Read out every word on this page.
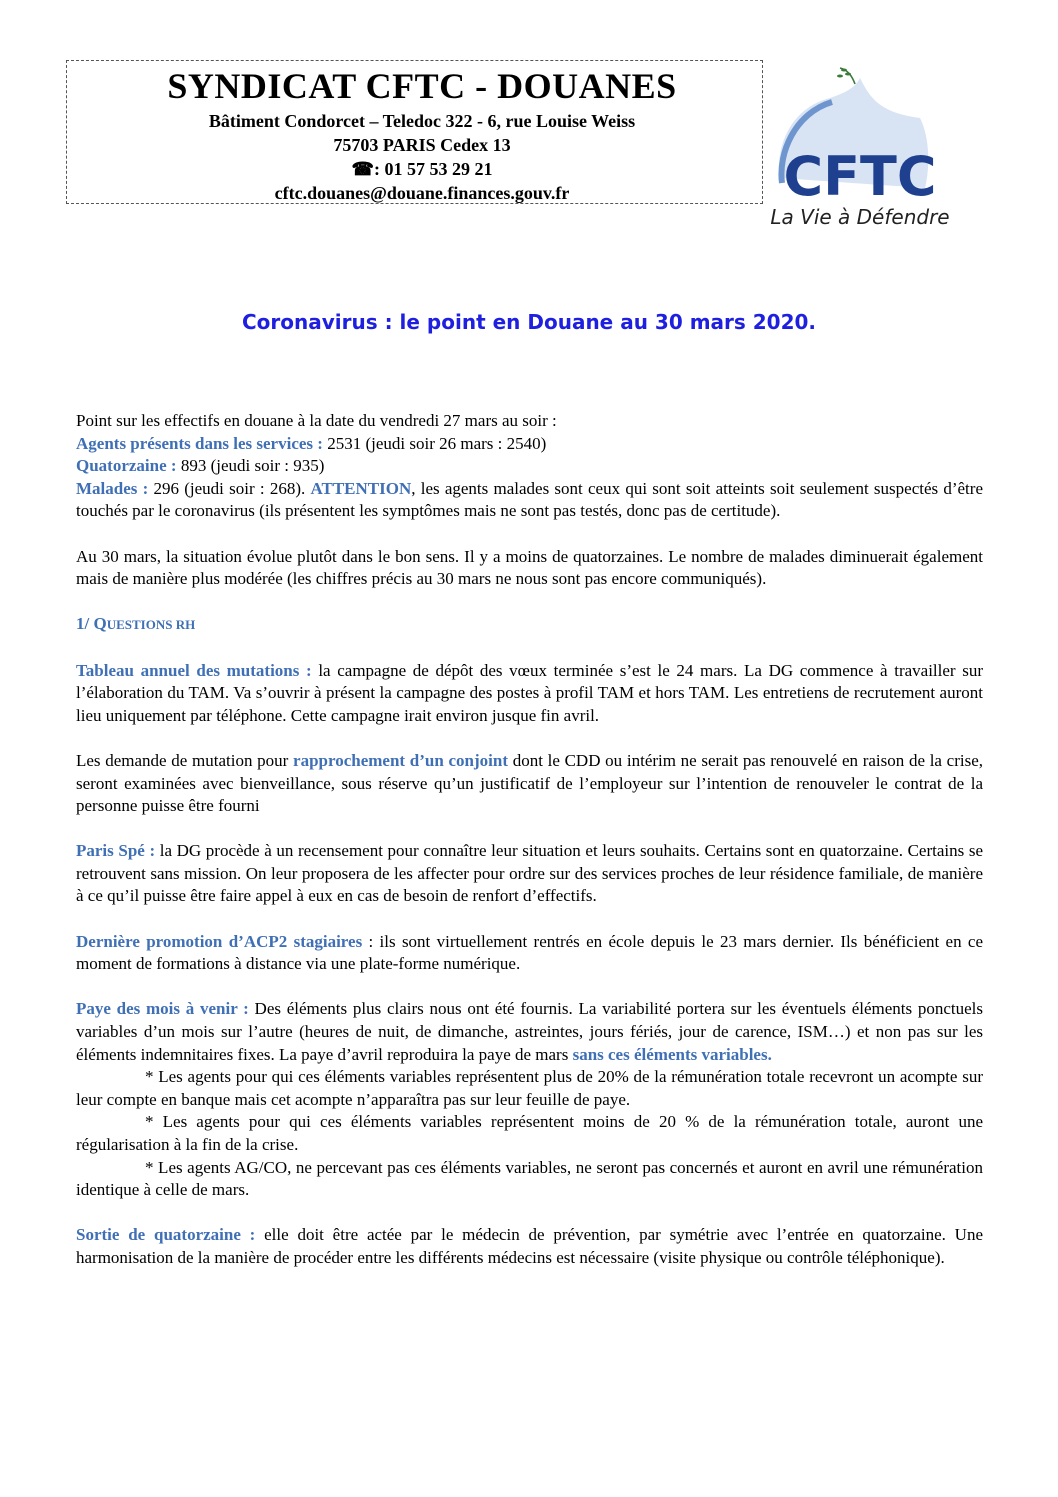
SYNDICAT CFTC - DOUANES
Bâtiment Condorcet – Teledoc 322 - 6, rue Louise Weiss
75703 PARIS Cedex 13
☎: 01 57 53 29 21
cftc.douanes@douane.finances.gouv.fr	CFTC
La Vie à Défendre
Coronavirus : le point en Douane au 30 mars 2020.

Point sur les effectifs en douane à la date du vendredi 27 mars au soir :

Agents présents dans les services : 2531 (jeudi soir 26 mars : 2540)

Quatorzaine : 893 (jeudi soir : 935)

Malades : 296 (jeudi soir : 268). ATTENTION, les agents malades sont ceux qui sont soit atteints soit seulement suspectés d’être touchés par le coronavirus (ils présentent les symptômes mais ne sont pas testés, donc pas de certitude).

Au 30 mars, la situation évolue plutôt dans le bon sens. Il y a moins de quatorzaines. Le nombre de malades diminuerait également mais de manière plus modérée (les chiffres précis au 30 mars ne nous sont pas encore communiqués).

1/ QUESTIONS RH

Tableau annuel des mutations : la campagne de dépôt des vœux terminée s’est le 24 mars. La DG commence à travailler sur l’élaboration du TAM. Va s’ouvrir à présent la campagne des postes à profil TAM et hors TAM. Les entretiens de recrutement auront lieu uniquement par téléphone. Cette campagne irait environ jusque fin avril.

Les demande de mutation pour rapprochement d’un conjoint dont le CDD ou intérim ne serait pas renouvelé en raison de la crise, seront examinées avec bienveillance, sous réserve qu’un justificatif de l’employeur sur l’intention de renouveler le contrat de la personne puisse être fourni

Paris Spé : la DG procède à un recensement pour connaître leur situation et leurs souhaits. Certains sont en quatorzaine. Certains se retrouvent sans mission. On leur proposera de les affecter pour ordre sur des services proches de leur résidence familiale, de manière à ce qu’il puisse être faire appel à eux en cas de besoin de renfort d’effectifs.

Dernière promotion d’ACP2 stagiaires : ils sont virtuellement rentrés en école depuis le 23 mars dernier. Ils bénéficient en ce moment de formations à distance via une plate-forme numérique.

Paye des mois à venir : Des éléments plus clairs nous ont été fournis. La variabilité portera sur les éventuels éléments ponctuels variables d’un mois sur l’autre (heures de nuit, de dimanche, astreintes, jours fériés, jour de carence, ISM…) et non pas sur les éléments indemnitaires fixes. La paye d’avril reproduira la paye de mars sans ces éléments variables.

* Les agents pour qui ces éléments variables représentent plus de 20% de la rémunération totale recevront un acompte sur leur compte en banque mais cet acompte n’apparaîtra pas sur leur feuille de paye.

* Les agents pour qui ces éléments variables représentent moins de 20 % de la rémunération totale, auront une régularisation à la fin de la crise.

* Les agents AG/CO, ne percevant pas ces éléments variables, ne seront pas concernés et auront en avril une rémunération identique à celle de mars.

Sortie de quatorzaine : elle doit être actée par le médecin de prévention, par symétrie avec l’entrée en quatorzaine. Une harmonisation de la manière de procéder entre les différents médecins est nécessaire (visite physique ou contrôle téléphonique).
